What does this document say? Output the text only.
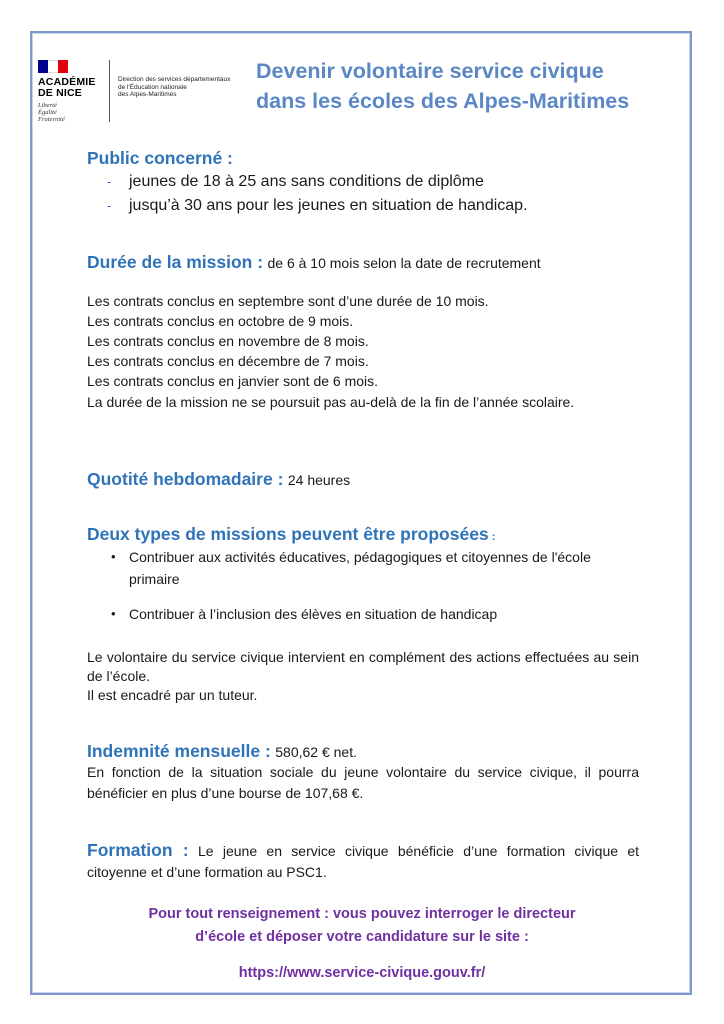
ACADÉMIE
DE NICE
Liberté
Égalité
Fraternité
Direction des services départementaux
de l'Éducation nationale
des Alpes-Maritimes
Devenir volontaire service civique
dans les écoles des Alpes-Maritimes
Public concerné :
- jeunes de 18 à 25 ans sans conditions de diplôme
- jusqu’à 30 ans pour les jeunes en situation de handicap.
Durée de la mission : de 6 à 10 mois selon la date de recrutement

Les contrats conclus en septembre sont d’une durée de 10 mois.

Les contrats conclus en octobre de 9 mois.

Les contrats conclus en novembre de 8 mois.

Les contrats conclus en décembre de 7 mois.

Les contrats conclus en janvier sont de 6 mois.

La durée de la mission ne se poursuit pas au-delà de la fin de l’année scolaire.

Quotité hebdomadaire : 24 heures
Deux types de missions peuvent être proposées :
• Contribuer aux activités éducatives, pédagogiques et citoyennes de l'école primaire
• Contribuer à l’inclusion des élèves en situation de handicap

Le volontaire du service civique intervient en complément des actions effectuées au sein de l’école.

Il est encadré par un tuteur.

Indemnité mensuelle : 580,62 € net.

En fonction de la situation sociale du jeune volontaire du service civique, il pourra bénéficier en plus d’une bourse de 107,68 €.

Formation : Le jeune en service civique bénéficie d’une formation civique et citoyenne et d’une formation au PSC1.

Pour tout renseignement : vous pouvez interroger le directeur
d’école et déposer votre candidature sur le site :
https://www.service-civique.gouv.fr/
